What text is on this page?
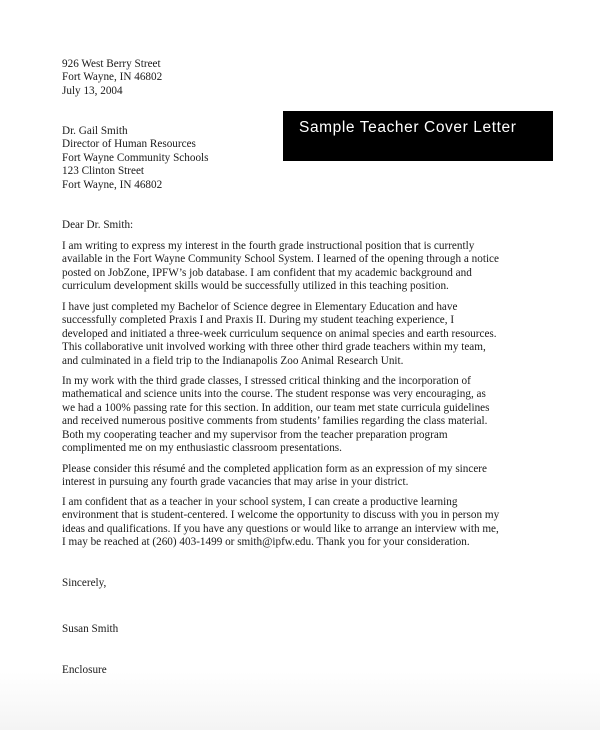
Sample Teacher Cover Letter
926 West Berry Street
Fort Wayne, IN 46802
July 13, 2004
Dr. Gail Smith
Director of Human Resources
Fort Wayne Community Schools
123 Clinton Street
Fort Wayne, IN 46802
Dear Dr. Smith:
I am writing to express my interest in the fourth grade instructional position that is currently
available in the Fort Wayne Community School System. I learned of the opening through a notice
posted on JobZone, IPFW’s job database. I am confident that my academic background and
curriculum development skills would be successfully utilized in this teaching position.
I have just completed my Bachelor of Science degree in Elementary Education and have
successfully completed Praxis I and Praxis II. During my student teaching experience, I
developed and initiated a three-week curriculum sequence on animal species and earth resources.
This collaborative unit involved working with three other third grade teachers within my team,
and culminated in a field trip to the Indianapolis Zoo Animal Research Unit.
In my work with the third grade classes, I stressed critical thinking and the incorporation of
mathematical and science units into the course. The student response was very encouraging, as
we had a 100% passing rate for this section. In addition, our team met state curricula guidelines
and received numerous positive comments from students’ families regarding the class material.
Both my cooperating teacher and my supervisor from the teacher preparation program
complimented me on my enthusiastic classroom presentations.
Please consider this résumé and the completed application form as an expression of my sincere
interest in pursuing any fourth grade vacancies that may arise in your district.
I am confident that as a teacher in your school system, I can create a productive learning
environment that is student-centered. I welcome the opportunity to discuss with you in person my
ideas and qualifications. If you have any questions or would like to arrange an interview with me,
I may be reached at (260) 403-1499 or smith@ipfw.edu. Thank you for your consideration.
Sincerely,
Susan Smith
Enclosure
